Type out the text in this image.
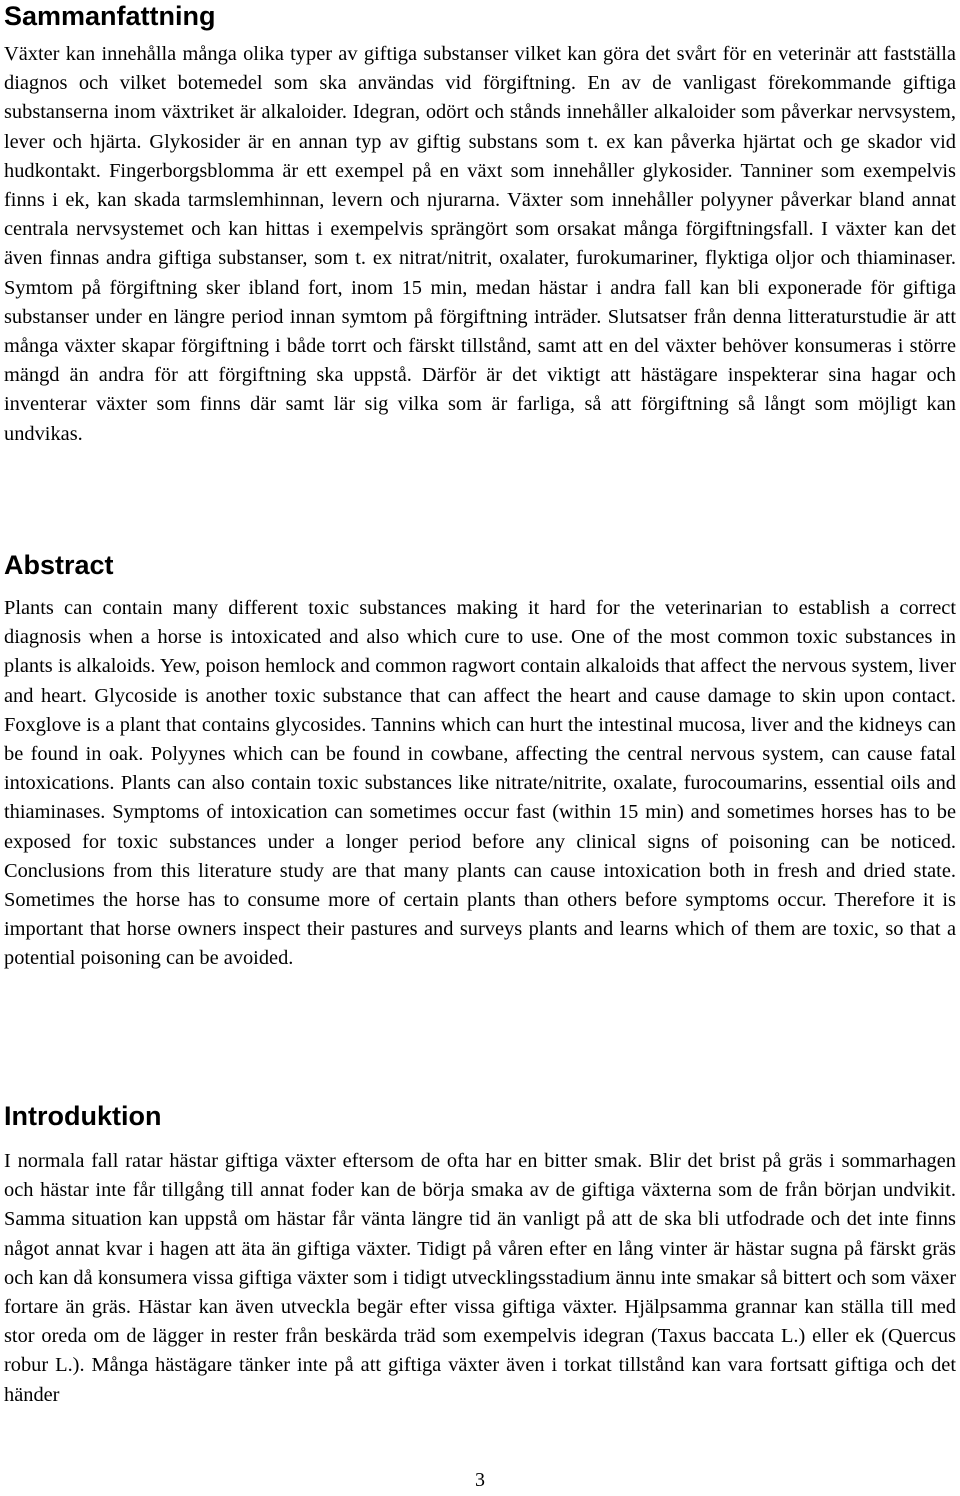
Sammanfattning

Växter kan innehålla många olika typer av giftiga substanser vilket kan göra det svårt för en veterinär att fastställa diagnos och vilket botemedel som ska användas vid förgiftning. En av de vanligast förekommande giftiga substanserna inom växtriket är alkaloider. Idegran, odört och stånds innehåller alkaloider som påverkar nervsystem, lever och hjärta. Glykosider är en annan typ av giftig substans som t. ex kan påverka hjärtat och ge skador vid hudkontakt. Fingerborgsblomma är ett exempel på en växt som innehåller glykosider. Tanniner som exempelvis finns i ek, kan skada tarmslemhinnan, levern och njurarna. Växter som innehåller polyyner påverkar bland annat centrala nervsystemet och kan hittas i exempelvis sprängört som orsakat många förgiftningsfall. I växter kan det även finnas andra giftiga substanser, som t. ex nitrat/nitrit, oxalater, furokumariner, flyktiga oljor och thiaminaser. Symtom på förgiftning sker ibland fort, inom 15 min, medan hästar i andra fall kan bli exponerade för giftiga substanser under en längre period innan symtom på förgiftning inträder. Slutsatser från denna litteraturstudie är att många växter skapar förgiftning i både torrt och färskt tillstånd, samt att en del växter behöver konsumeras i större mängd än andra för att förgiftning ska uppstå. Därför är det viktigt att hästägare inspekterar sina hagar och inventerar växter som finns där samt lär sig vilka som är farliga, så att förgiftning så långt som möjligt kan undvikas.

Abstract

Plants can contain many different toxic substances making it hard for the veterinarian to establish a correct diagnosis when a horse is intoxicated and also which cure to use. One of the most common toxic substances in plants is alkaloids. Yew, poison hemlock and common ragwort contain alkaloids that affect the nervous system, liver and heart. Glycoside is another toxic substance that can affect the heart and cause damage to skin upon contact. Foxglove is a plant that contains glycosides. Tannins which can hurt the intestinal mucosa, liver and the kidneys can be found in oak. Polyynes which can be found in cowbane, affecting the central nervous system, can cause fatal intoxications. Plants can also contain toxic substances like nitrate/nitrite, oxalate, furocoumarins, essential oils and thiaminases. Symptoms of intoxication can sometimes occur fast (within 15 min) and sometimes horses has to be exposed for toxic substances under a longer period before any clinical signs of poisoning can be noticed. Conclusions from this literature study are that many plants can cause intoxication both in fresh and dried state. Sometimes the horse has to consume more of certain plants than others before symptoms occur. Therefore it is important that horse owners inspect their pastures and surveys plants and learns which of them are toxic, so that a potential poisoning can be avoided.

Introduktion

I normala fall ratar hästar giftiga växter eftersom de ofta har en bitter smak. Blir det brist på gräs i sommarhagen och hästar inte får tillgång till annat foder kan de börja smaka av de giftiga växterna som de från början undvikit. Samma situation kan uppstå om hästar får vänta längre tid än vanligt på att de ska bli utfodrade och det inte finns något annat kvar i hagen att äta än giftiga växter. Tidigt på våren efter en lång vinter är hästar sugna på färskt gräs och kan då konsumera vissa giftiga växter som i tidigt utvecklingsstadium ännu inte smakar så bittert och som växer fortare än gräs. Hästar kan även utveckla begär efter vissa giftiga växter. Hjälpsamma grannar kan ställa till med stor oreda om de lägger in rester från beskärda träd som exempelvis idegran (Taxus baccata L.) eller ek (Quercus robur L.). Många hästägare tänker inte på att giftiga växter även i torkat tillstånd kan vara fortsatt giftiga och det händer

3
